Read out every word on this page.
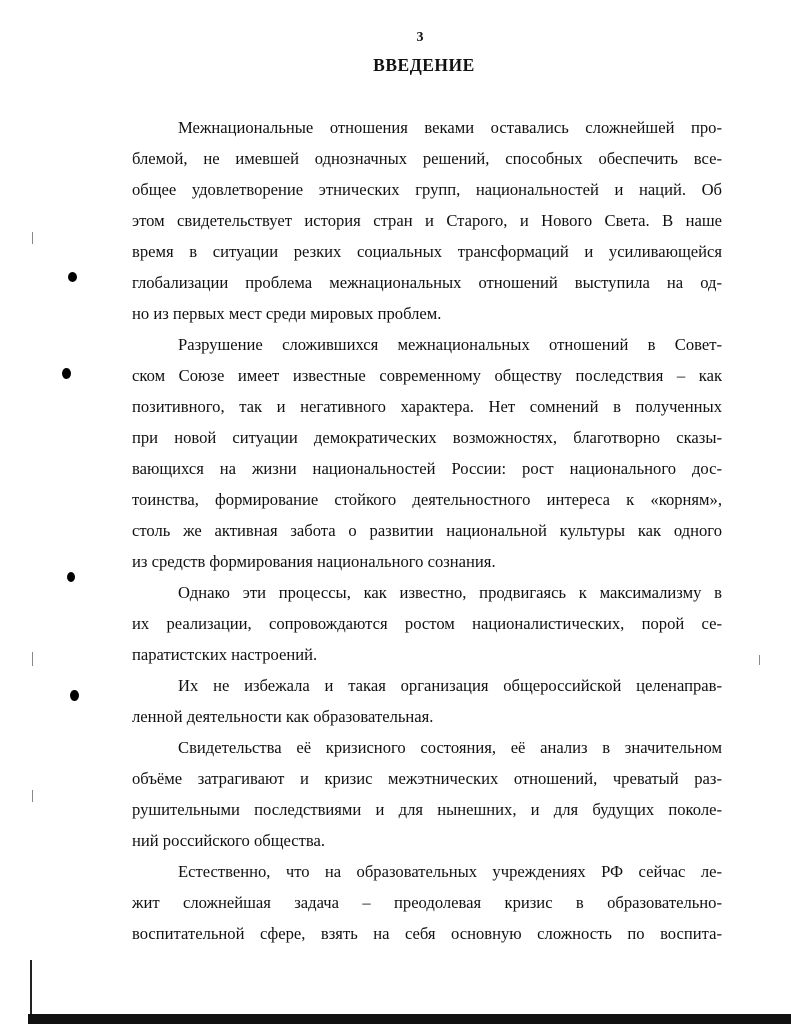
3
ВВЕДЕНИЕ
Межнациональные отношения веками оставались сложнейшей про-
блемой, не имевшей однозначных решений, способных обеспечить все-
общее удовлетворение этнических групп, национальностей и наций. Об
этом свидетельствует история стран и Старого, и Нового Света. В наше
время в ситуации резких социальных трансформаций и усиливающейся
глобализации проблема межнациональных отношений выступила на од-
но из первых мест среди мировых проблем.
Разрушение сложившихся межнациональных отношений в Совет-
ском Союзе имеет известные современному обществу последствия – как
позитивного, так и негативного характера. Нет сомнений в полученных
при новой ситуации демократических возможностях, благотворно сказы-
вающихся на жизни национальностей России: рост национального дос-
тоинства, формирование стойкого деятельностного интереса к «корням»,
столь же активная забота о развитии национальной культуры как одного
из средств формирования национального сознания.
Однако эти процессы, как известно, продвигаясь к максимализму в
их реализации, сопровождаются ростом националистических, порой се-
паратистских настроений.
Их не избежала и такая организация общероссийской целенаправ-
ленной деятельности как образовательная.
Свидетельства её кризисного состояния, её анализ в значительном
объёме затрагивают и кризис межэтнических отношений, чреватый раз-
рушительными последствиями и для нынешних, и для будущих поколе-
ний российского общества.
Естественно, что на образовательных учреждениях РФ сейчас ле-
жит сложнейшая задача – преодолевая кризис в образовательно-
воспитательной сфере, взять на себя основную сложность по воспита-
